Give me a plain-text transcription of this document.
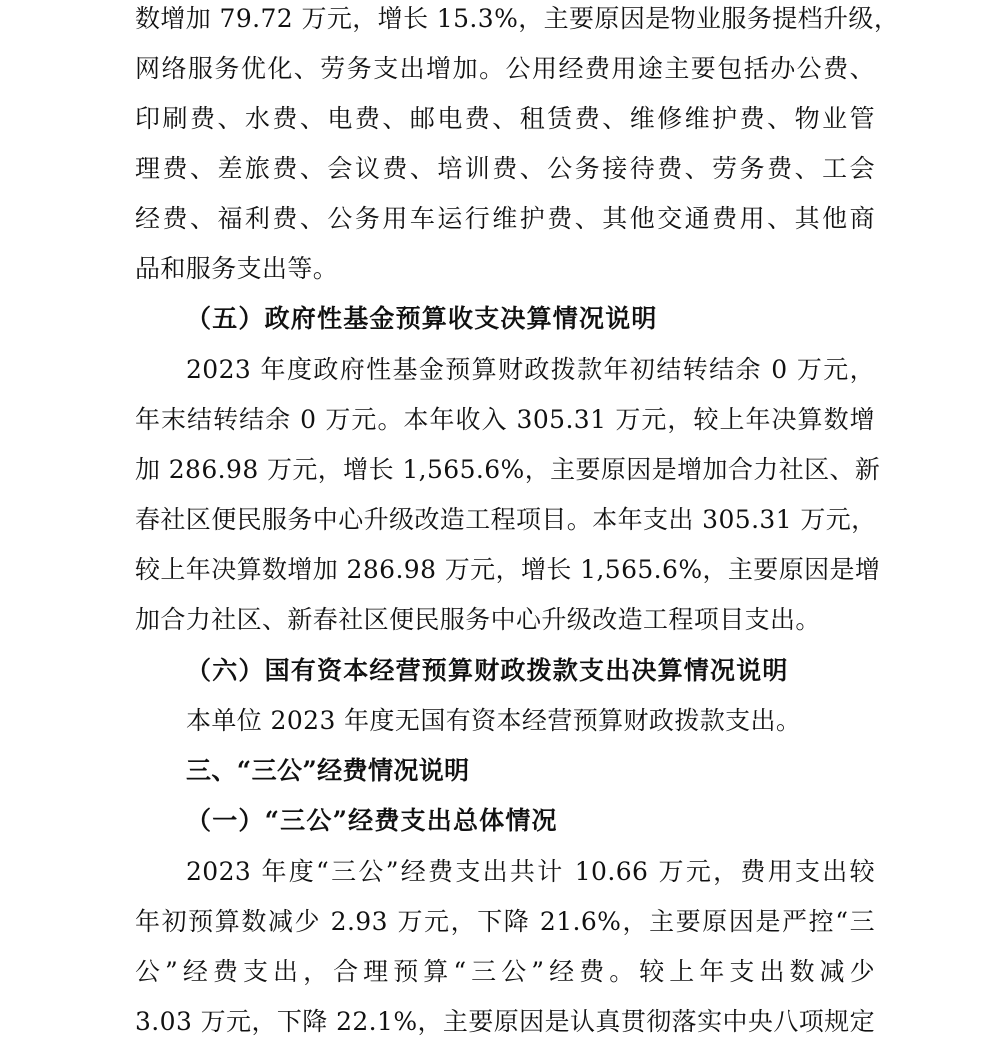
数增加 79.72 万元，增长 15.3%，主要原因是物业服务提档升级，
网络服务优化、劳务支出增加。公用经费用途主要包括办公费、
印刷费、水费、电费、邮电费、租赁费、维修维护费、物业管
理费、差旅费、会议费、培训费、公务接待费、劳务费、工会
经费、福利费、公务用车运行维护费、其他交通费用、其他商
品和服务支出等。
（五）政府性基金预算收支决算情况说明
2023 年度政府性基金预算财政拨款年初结转结余 0 万元，
年末结转结余 0 万元。本年收入 305.31 万元，较上年决算数增
加 286.98 万元，增长 1,565.6%，主要原因是增加合力社区、新
春社区便民服务中心升级改造工程项目。本年支出 305.31 万元，
较上年决算数增加 286.98 万元，增长 1,565.6%，主要原因是增
加合力社区、新春社区便民服务中心升级改造工程项目支出。
（六）国有资本经营预算财政拨款支出决算情况说明
本单位 2023 年度无国有资本经营预算财政拨款支出。
三、“三公”经费情况说明
（一）“三公”经费支出总体情况
2023 年度“三公”经费支出共计 10.66 万元，费用支出较
年初预算数减少 2.93 万元，下降 21.6%，主要原因是严控“三
公”经费支出，合理预算“三公”经费。较上年支出数减少
3.03 万元，下降 22.1%，主要原因是认真贯彻落实中央八项规定
